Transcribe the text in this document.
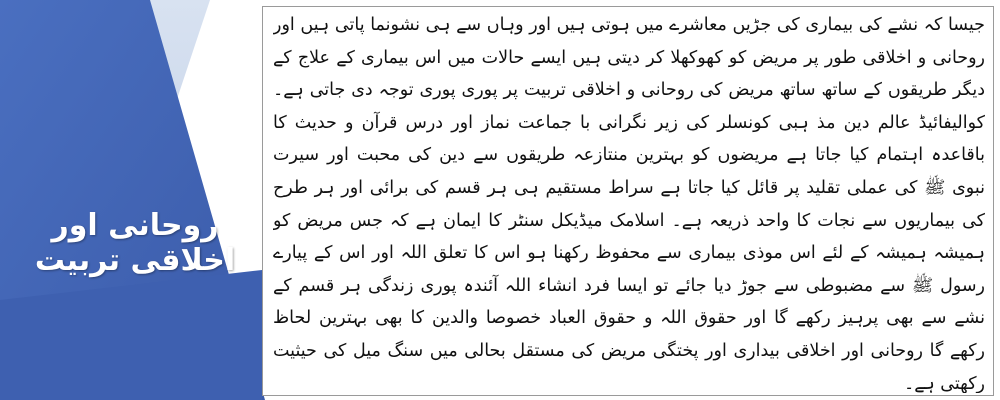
روحانی اور اخلاقی تربیت

جیسا کہ نشے کی بیماری کی جڑیں معاشرے میں ہوتی ہیں اور وہاں سے ہی نشونما پاتی ہیں اور روحانی و اخلاقی طور پر مریض کو کھوکھلا کر دیتی ہیں ایسے حالات میں اس بیماری کے علاج کے دیگر طریقوں کے ساتھ ساتھ مریض کی روحانی و اخلاقی تربیت پر پوری پوری توجہ دی جاتی ہے۔ کوالیفائیڈ عالم دین مذ ہبی کونسلر کی زیر نگرانی با جماعت نماز اور درس قرآن و حدیث کا باقاعدہ اہتمام کیا جاتا ہے مریضوں کو بہترین منتازعہ طریقوں سے دین کی محبت اور سیرت نبوی ﷺ کی عملی تقلید پر قائل کیا جاتا ہے سراط مستقیم ہی ہر قسم کی برائی اور ہر طرح کی بیماریوں سے نجات کا واحد ذریعہ ہے۔ اسلامک میڈیکل سنٹر کا ایمان ہے کہ جس مریض کو ہمیشہ ہمیشہ کے لئے اس موذی بیماری سے محفوظ رکھنا ہو اس کا تعلق اللہ اور اس کے پیارے رسول ﷺ سے مضبوطی سے جوڑ دیا جائے تو ایسا فرد انشاء اللہ آئندہ پوری زندگی ہر قسم کے نشے سے بھی پرہیز رکھے گا اور حقوق اللہ و حقوق العباد خصوصا والدین کا بھی بہترین لحاظ رکھے گا روحانی اور اخلاقی بیداری اور پختگی مریض کی مستقل بحالی میں سنگ میل کی حیثیت رکھتی ہے۔
